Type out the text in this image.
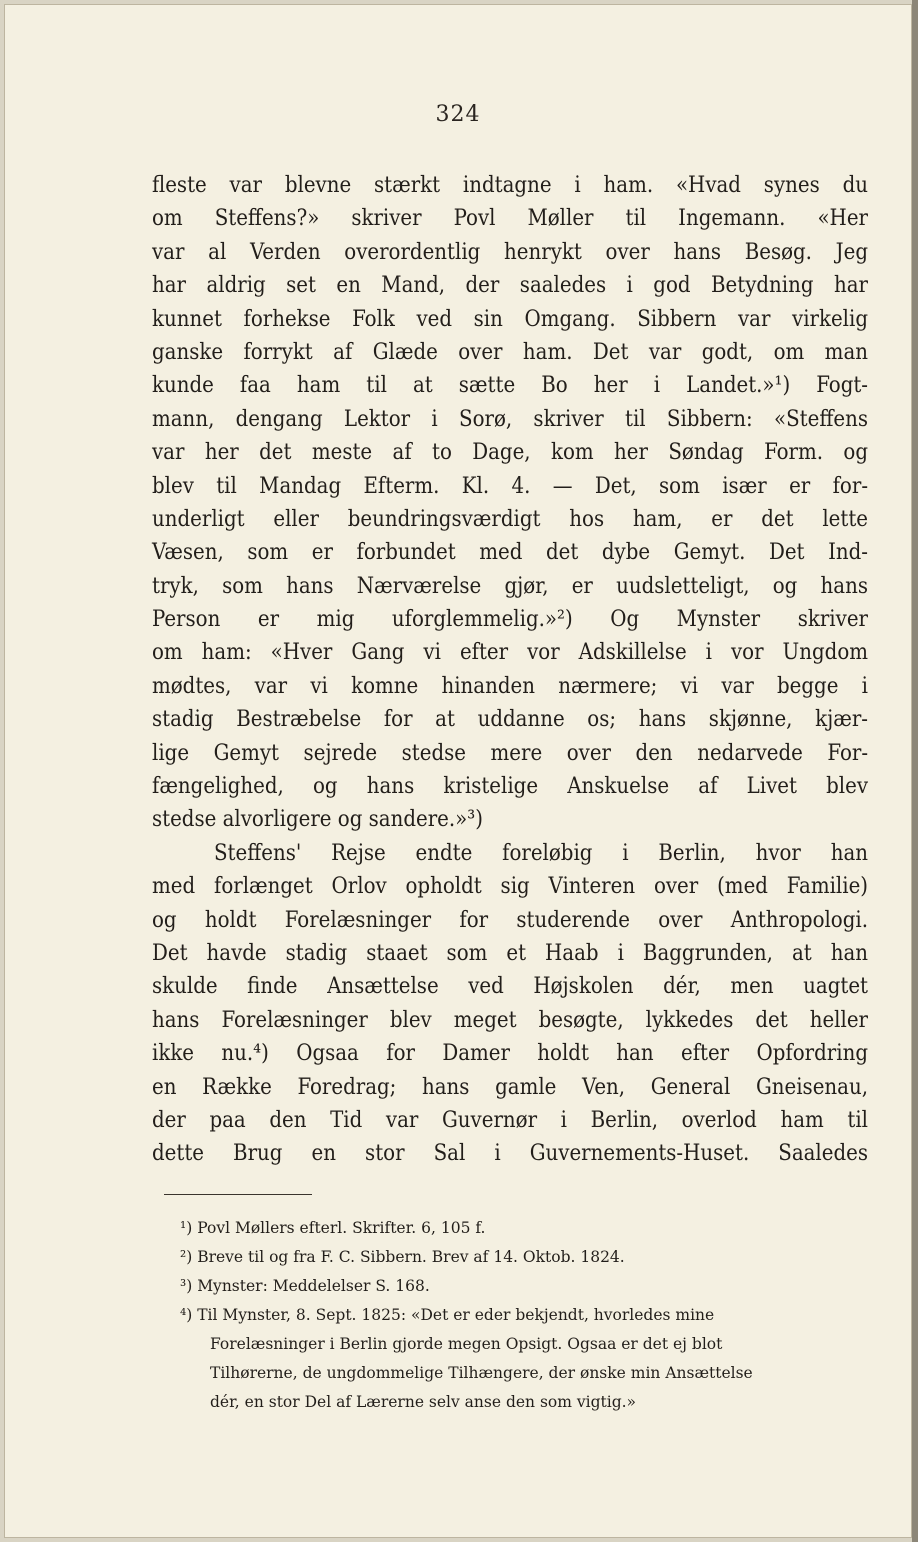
324
fleste var blevne stærkt indtagne i ham. «Hvad synes du
om Steffens?» skriver Povl Møller til Ingemann. «Her
var al Verden overordentlig henrykt over hans Besøg. Jeg
har aldrig set en Mand, der saaledes i god Betydning har
kunnet forhekse Folk ved sin Omgang. Sibbern var virkelig
ganske forrykt af Glæde over ham. Det var godt, om man
kunde faa ham til at sætte Bo her i Landet.»¹) Fogt-
mann, dengang Lektor i Sorø, skriver til Sibbern: «Steffens
var her det meste af to Dage, kom her Søndag Form. og
blev til Mandag Efterm. Kl. 4. — Det, som især er for-
underligt eller beundringsværdigt hos ham, er det lette
Væsen, som er forbundet med det dybe Gemyt. Det Ind-
tryk, som hans Nærværelse gjør, er uudsletteligt, og hans
Person er mig uforglemmelig.»²) Og Mynster skriver
om ham: «Hver Gang vi efter vor Adskillelse i vor Ungdom
mødtes, var vi komne hinanden nærmere; vi var begge i
stadig Bestræbelse for at uddanne os; hans skjønne, kjær-
lige Gemyt sejrede stedse mere over den nedarvede For-
fængelighed, og hans kristelige Anskuelse af Livet blev
stedse alvorligere og sandere.»³)
Steffens' Rejse endte foreløbig i Berlin, hvor han
med forlænget Orlov opholdt sig Vinteren over (med Familie)
og holdt Forelæsninger for studerende over Anthropologi.
Det havde stadig staaet som et Haab i Baggrunden, at han
skulde finde Ansættelse ved Højskolen dér, men uagtet
hans Forelæsninger blev meget besøgte, lykkedes det heller
ikke nu.⁴) Ogsaa for Damer holdt han efter Opfordring
en Række Foredrag; hans gamle Ven, General Gneisenau,
der paa den Tid var Guvernør i Berlin, overlod ham til
dette Brug en stor Sal i Guvernements-Huset. Saaledes
¹) Povl Møllers efterl. Skrifter. 6, 105 f.
²) Breve til og fra F. C. Sibbern. Brev af 14. Oktob. 1824.
³) Mynster: Meddelelser S. 168.
⁴) Til Mynster, 8. Sept. 1825: «Det er eder bekjendt, hvorledes mine
Forelæsninger i Berlin gjorde megen Opsigt. Ogsaa er det ej blot
Tilhørerne, de ungdommelige Tilhængere, der ønske min Ansættelse
dér, en stor Del af Lærerne selv anse den som vigtig.»
